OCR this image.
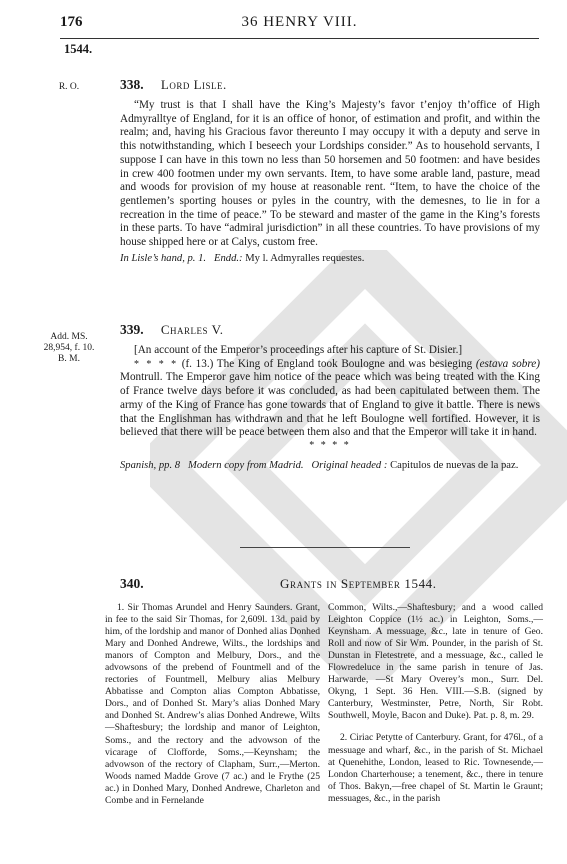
176	36 HENRY VIII.
1544.
R. O.	338. Lord Lisle.

“My trust is that I shall have the King’s Majesty’s favor t’enjoy th’office of High Admyralltye of England, for it is an office of honor, of estimation and profit, and within the realm; and, having his Gracious favor thereunto I may occupy it with a deputy and serve in this notwithstanding, which I beseech your Lordships consider.” As to household servants, I suppose I can have in this town no less than 50 horsemen and 50 footmen: and have besides in crew 400 footmen under my own servants. Item, to have some arable land, pasture, mead and woods for provision of my house at reasonable rent. “Item, to have the choice of the gentlemen’s sporting houses or pyles in the country, with the demesnes, to lie in for a recreation in the time of peace.” To be steward and master of the game in the King’s forests in these parts. To have “admiral jurisdiction” in all these countries. To have provisions of my house shipped here or at Calys, custom free.

In Lisle’s hand, p. 1. Endd.: My l. Admyralles requestes.

Add. MS.
28,954, f. 10.
B. M.
339. Charles V.

[An account of the Emperor’s proceedings after his capture of St. Disier.]

* * * * (f. 13.) The King of England took Boulogne and was besieging (estava sobre) Montrull. The Emperor gave him notice of the peace which was being treated with the King of France twelve days before it was concluded, as had been capitulated between them. The army of the King of France has gone towards that of England to give it battle. There is news that the Englishman has withdrawn and that he left Boulogne well fortified. However, it is believed that there will be peace between them also and that the Emperor will take it in hand.

* * * *

Spanish, pp. 8 Modern copy from Madrid. Original headed : Capitulos de nuevas de la paz.

340.	Grants in September 1544.

1. Sir Thomas Arundel and Henry Saunders. Grant, in fee to the said Sir Thomas, for 2,609l. 13d. paid by him, of the lordship and manor of Donhed alias Donhed Mary and Donhed Andrewe, Wilts., the lordships and manors of Compton and Melbury, Dors., and the advowsons of the prebend of Fountmell and of the rectories of Fountmell, Melbury alias Melbury Abbatisse and Compton alias Compton Abbatisse, Dors., and of Donhed St. Mary’s alias Donhed Mary and Donhed St. Andrew’s alias Donhed Andrewe, Wilts —Shaftesbury; the lordship and manor of Leighton, Soms., and the rectory and the advowson of the vicarage of Clofforde, Soms.,—Keynsham; the advowson of the rectory of Clapham, Surr.,—Merton. Woods named Madde Grove (7 ac.) and le Frythe (25 ac.) in Donhed Mary, Donhed Andrewe, Charleton and Combe and in Fernelande

Common, Wilts.,—Shaftesbury; and a wood called Leighton Coppice (1½ ac.) in Leighton, Soms.,—Keynsham. A messuage, &c., late in tenure of Geo. Roll and now of Sir Wm. Pounder, in the parish of St. Dunstan in Fletestrete, and a messuage, &c., called le Flowredeluce in the same parish in tenure of Jas. Harwarde, —St Mary Overey’s mon., Surr. Del. Okyng, 1 Sept. 36 Hen. VIII.—S.B. (signed by Canterbury, Westminster, Petre, North, Sir Robt. Southwell, Moyle, Bacon and Duke). Pat. p. 8, m. 29.

2. Ciriac Petytte of Canterbury. Grant, for 476l., of a messuage and wharf, &c., in the parish of St. Michael at Quenehithe, London, leased to Ric. Townesende,—London Charterhouse; a tenement, &c., there in tenure of Thos. Bakyn,—free chapel of St. Martin le Graunt; messuages, &c., in the parish
